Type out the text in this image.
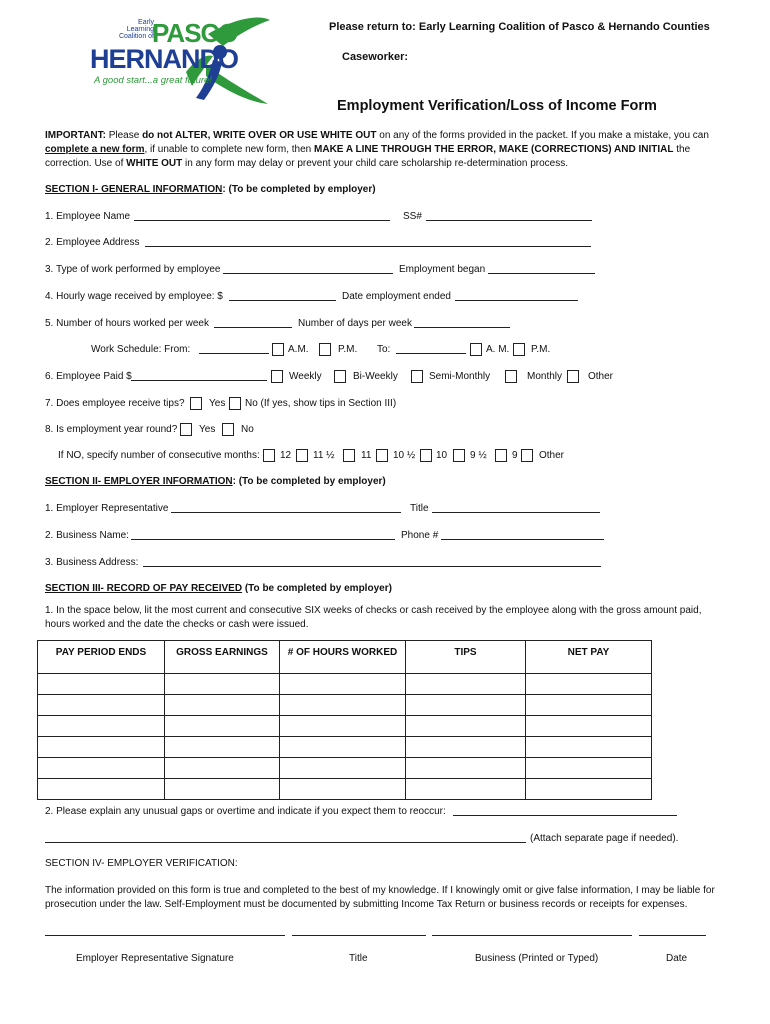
Early
Learning
Coalition of
PASCO
HERNANDO
A good start...a great future!
Please return to: Early Learning Coalition of Pasco & Hernando Counties
Caseworker:
Employment Verification/Loss of Income Form
IMPORTANT: Please do not ALTER, WRITE OVER OR USE WHITE OUT on any of the forms provided in the packet. If you make a mistake, you can
complete a new form, if unable to complete new form, then MAKE A LINE THROUGH THE ERROR, MAKE (CORRECTIONS) AND INITIAL the
correction. Use of WHITE OUT in any form may delay or prevent your child care scholarship re-determination process.
SECTION I- GENERAL INFORMATION: (To be completed by employer)
1. Employee Name	SS#
2. Employee Address
3. Type of work performed by employee	Employment began
4. Hourly wage received by employee: $	Date employment ended
5. Number of hours worked per week	Number of days per week
Work Schedule: From:	A.M.	P.M. To:	A. M. P.M.
6. Employee Paid $	Weekly	Bi-Weekly	Semi-Monthly	Monthly	Other
7. Does employee receive tips? Yes No (If yes, show tips in Section III)
8. Is employment year round? Yes	No
If NO, specify number of consecutive months: 12 11 ½	11 10 ½ 10 9 ½	9 Other
SECTION II- EMPLOYER INFORMATION: (To be completed by employer)
1. Employer Representative	Title
2. Business Name:	Phone #
3. Business Address:
SECTION III- RECORD OF PAY RECEIVED (To be completed by employer)
1. In the space below, lit the most current and consecutive SIX weeks of checks or cash received by the employee along with the gross amount paid,
hours worked and the date the checks or cash were issued.
PAY PERIOD ENDS	GROSS EARNINGS	# OF HOURS WORKED	TIPS	NET PAY

2. Please explain any unusual gaps or overtime and indicate if you expect them to reoccur:
(Attach separate page if needed).
SECTION IV- EMPLOYER VERIFICATION:
The information provided on this form is true and completed to the best of my knowledge. If I knowingly omit or give false information, I may be liable for
prosecution under the law. Self-Employment must be documented by submitting Income Tax Return or business records or receipts for expenses.
Employer Representative Signature	Title	Business (Printed or Typed)	Date
